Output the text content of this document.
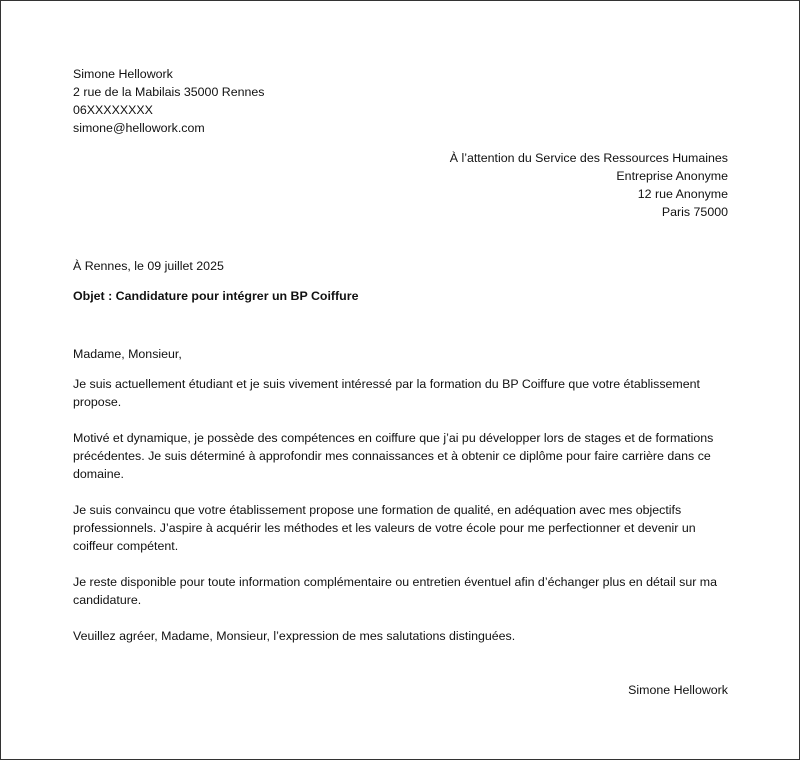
Simone Hellowork

2 rue de la Mabilais 35000 Rennes

06XXXXXXXX

simone@hellowork.com

À l’attention du Service des Ressources Humaines

Entreprise Anonyme

12 rue Anonyme

Paris 75000

À Rennes, le 09 juillet 2025

Objet : Candidature pour intégrer un BP Coiffure

Madame, Monsieur,

Je suis actuellement étudiant et je suis vivement intéressé par la formation du BP Coiffure que votre établissement propose.

Motivé et dynamique, je possède des compétences en coiffure que j’ai pu développer lors de stages et de formations précédentes. Je suis déterminé à approfondir mes connaissances et à obtenir ce diplôme pour faire carrière dans ce domaine.

Je suis convaincu que votre établissement propose une formation de qualité, en adéquation avec mes objectifs professionnels. J’aspire à acquérir les méthodes et les valeurs de votre école pour me perfectionner et devenir un coiffeur compétent.

Je reste disponible pour toute information complémentaire ou entretien éventuel afin d’échanger plus en détail sur ma candidature.

Veuillez agréer, Madame, Monsieur, l’expression de mes salutations distinguées.

Simone Hellowork
